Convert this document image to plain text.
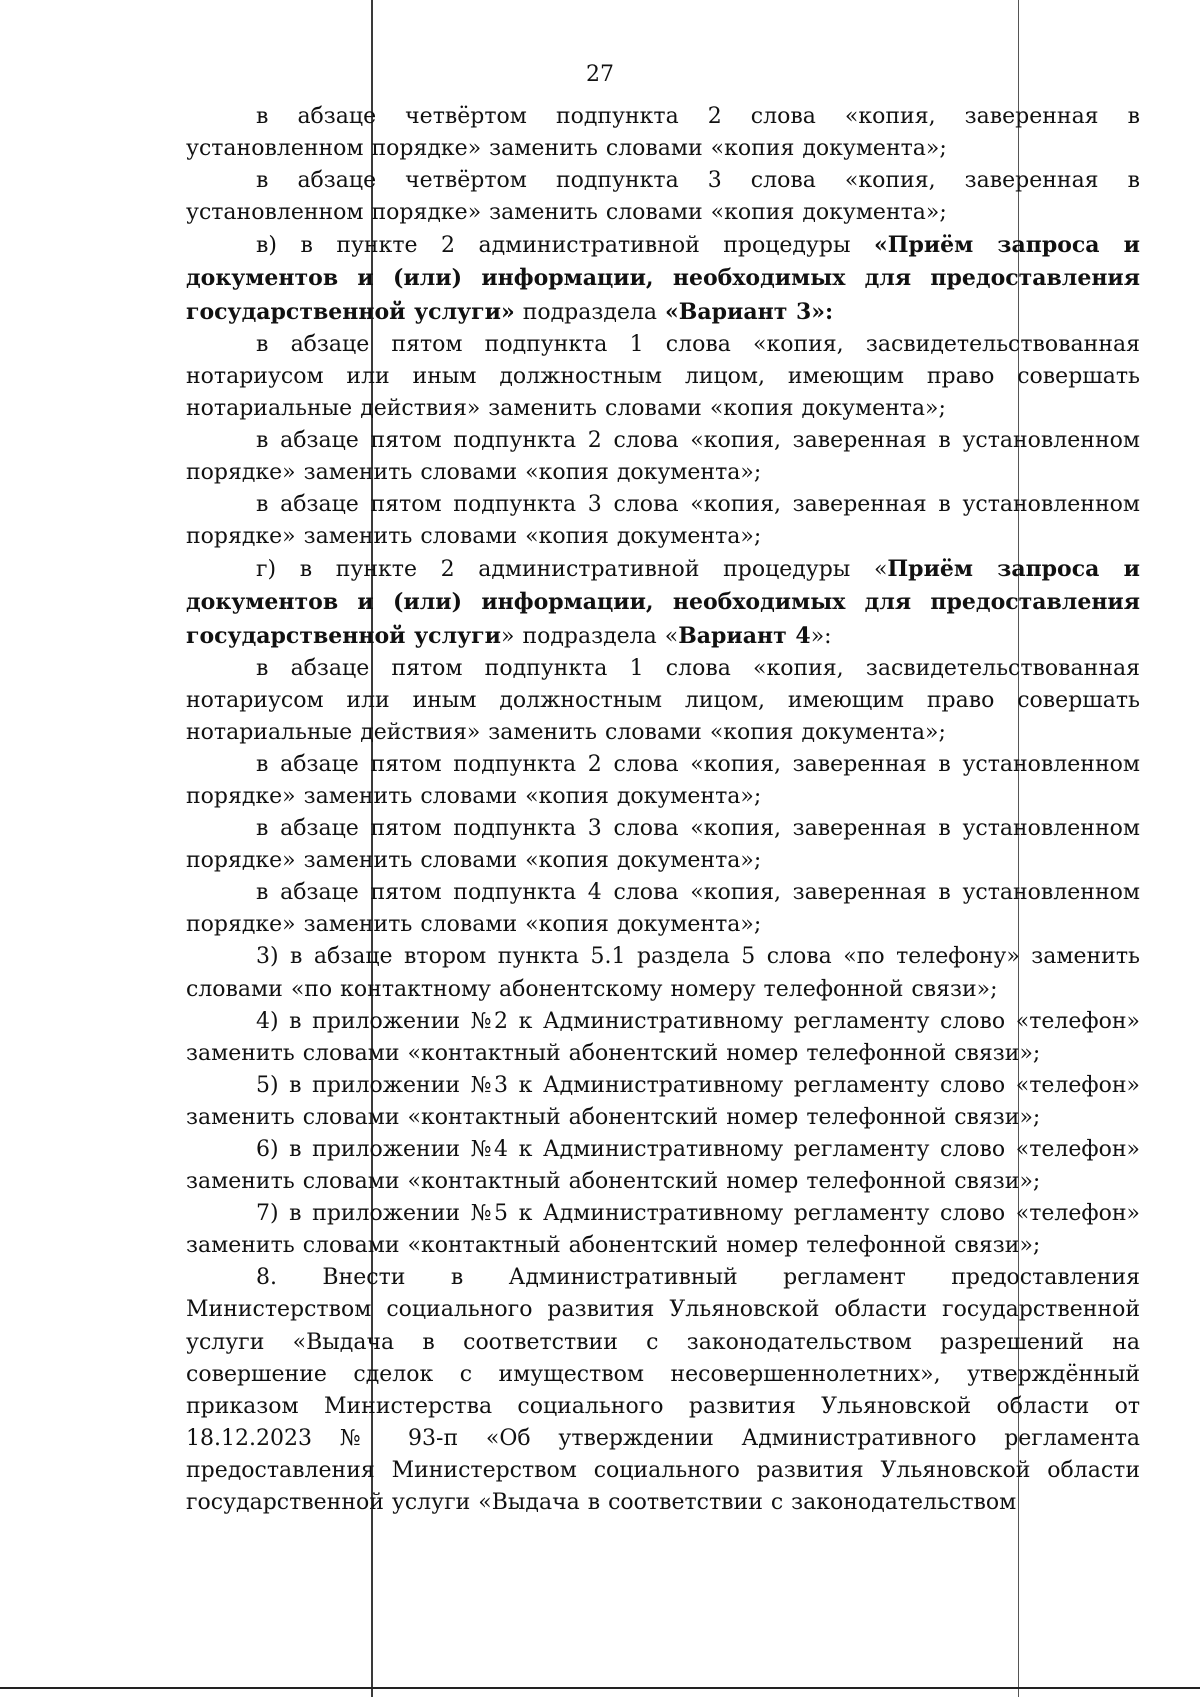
27

в абзаце четвёртом подпункта 2 слова «копия, заверенная в установленном порядке» заменить словами «копия документа»;

в абзаце четвёртом подпункта 3 слова «копия, заверенная в установленном порядке» заменить словами «копия документа»;

в) в пункте 2 административной процедуры «Приём запроса и документов и (или) информации, необходимых для предоставления государственной услуги» подраздела «Вариант 3»:

в абзаце пятом подпункта 1 слова «копия, засвидетельствованная нотариусом или иным должностным лицом, имеющим право совершать нотариальные действия» заменить словами «копия документа»;

в абзаце пятом подпункта 2 слова «копия, заверенная в установленном порядке» заменить словами «копия документа»;

в абзаце пятом подпункта 3 слова «копия, заверенная в установленном порядке» заменить словами «копия документа»;

г) в пункте 2 административной процедуры «Приём запроса и документов и (или) информации, необходимых для предоставления государственной услуги» подраздела «Вариант 4»:

в абзаце пятом подпункта 1 слова «копия, засвидетельствованная нотариусом или иным должностным лицом, имеющим право совершать нотариальные действия» заменить словами «копия документа»;

в абзаце пятом подпункта 2 слова «копия, заверенная в установленном порядке» заменить словами «копия документа»;

в абзаце пятом подпункта 3 слова «копия, заверенная в установленном порядке» заменить словами «копия документа»;

в абзаце пятом подпункта 4 слова «копия, заверенная в установленном порядке» заменить словами «копия документа»;

3) в абзаце втором пункта 5.1 раздела 5 слова «по телефону» заменить словами «по контактному абонентскому номеру телефонной связи»;

4) в приложении №2 к Административному регламенту слово «телефон» заменить словами «контактный абонентский номер телефонной связи»;

5) в приложении №3 к Административному регламенту слово «телефон» заменить словами «контактный абонентский номер телефонной связи»;

6) в приложении №4 к Административному регламенту слово «телефон» заменить словами «контактный абонентский номер телефонной связи»;

7) в приложении №5 к Административному регламенту слово «телефон» заменить словами «контактный абонентский номер телефонной связи»;

8. Внести в Административный регламент предоставления Министерством социального развития Ульяновской области государственной услуги «Выдача в соответствии с законодательством разрешений на совершение сделок с имуществом несовершеннолетних», утверждённый приказом Министерства социального развития Ульяновской области от 18.12.2023 № 93-п «Об утверждении Административного регламента предоставления Министерством социального развития Ульяновской области государственной услуги «Выдача в соответствии с законодательством
